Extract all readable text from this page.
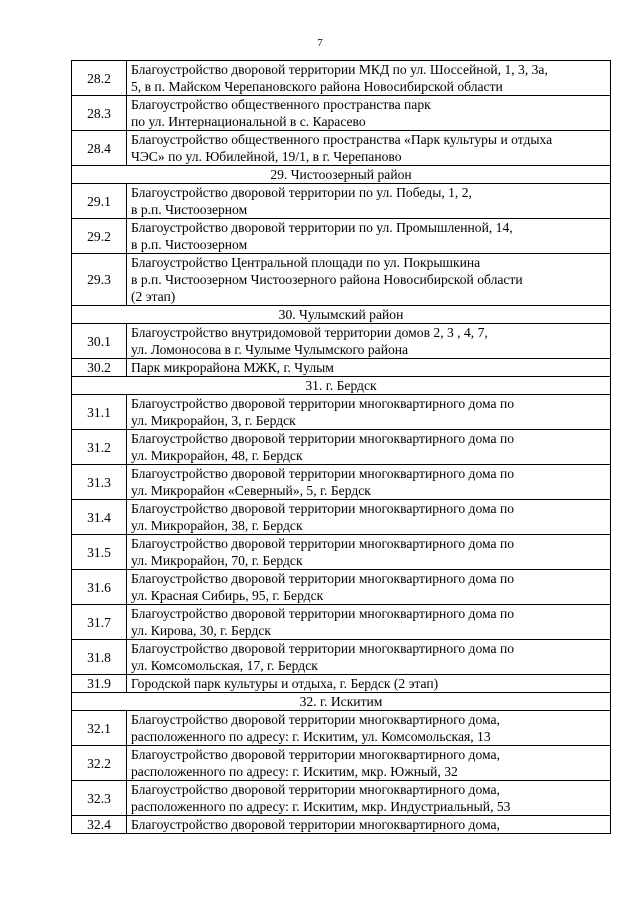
7
28.2	Благоустройство дворовой территории МКД по ул. Шоссейной, 1, 3, 3а,
5, в п. Майском Черепановского района Новосибирской области

28.3	Благоустройство общественного пространства парк
по ул. Интернациональной в с. Карасево

28.4	Благоустройство общественного пространства «Парк культуры и отдыха
ЧЭС» по ул. Юбилейной, 19/1, в г. Черепаново

29. Чистоозерный район	
29.1	Благоустройство дворовой территории по ул. Победы, 1, 2,
в р.п. Чистоозерном

29.2	Благоустройство дворовой территории по ул. Промышленной, 14,
в р.п. Чистоозерном

29.3	Благоустройство Центральной площади по ул. Покрышкина
в р.п. Чистоозерном Чистоозерного района Новосибирской области
(2 этап)

30. Чулымский район	
30.1	Благоустройство внутридомовой территории домов 2, 3 , 4, 7,
ул. Ломоносова в г. Чулыме Чулымского района

30.2	Парк микрорайона МЖК, г. Чулым

31. г. Бердск	
31.1	Благоустройство дворовой территории многоквартирного дома по
ул. Микрорайон, 3, г. Бердск

31.2	Благоустройство дворовой территории многоквартирного дома по
ул. Микрорайон, 48, г. Бердск

31.3	Благоустройство дворовой территории многоквартирного дома по
ул. Микрорайон «Северный», 5, г. Бердск

31.4	Благоустройство дворовой территории многоквартирного дома по
ул. Микрорайон, 38, г. Бердск

31.5	Благоустройство дворовой территории многоквартирного дома по
ул. Микрорайон, 70, г. Бердск

31.6	Благоустройство дворовой территории многоквартирного дома по
ул. Красная Сибирь, 95, г. Бердск

31.7	Благоустройство дворовой территории многоквартирного дома по
ул. Кирова, 30, г. Бердск

31.8	Благоустройство дворовой территории многоквартирного дома по
ул. Комсомольская, 17, г. Бердск

31.9	Городской парк культуры и отдыха, г. Бердск (2 этап)

32. г. Искитим	
32.1	Благоустройство дворовой территории многоквартирного дома,
расположенного по адресу: г. Искитим, ул. Комсомольская, 13

32.2	Благоустройство дворовой территории многоквартирного дома,
расположенного по адресу: г. Искитим, мкр. Южный, 32

32.3	Благоустройство дворовой территории многоквартирного дома,
расположенного по адресу: г. Искитим, мкр. Индустриальный, 53

32.4	Благоустройство дворовой территории многоквартирного дома,
